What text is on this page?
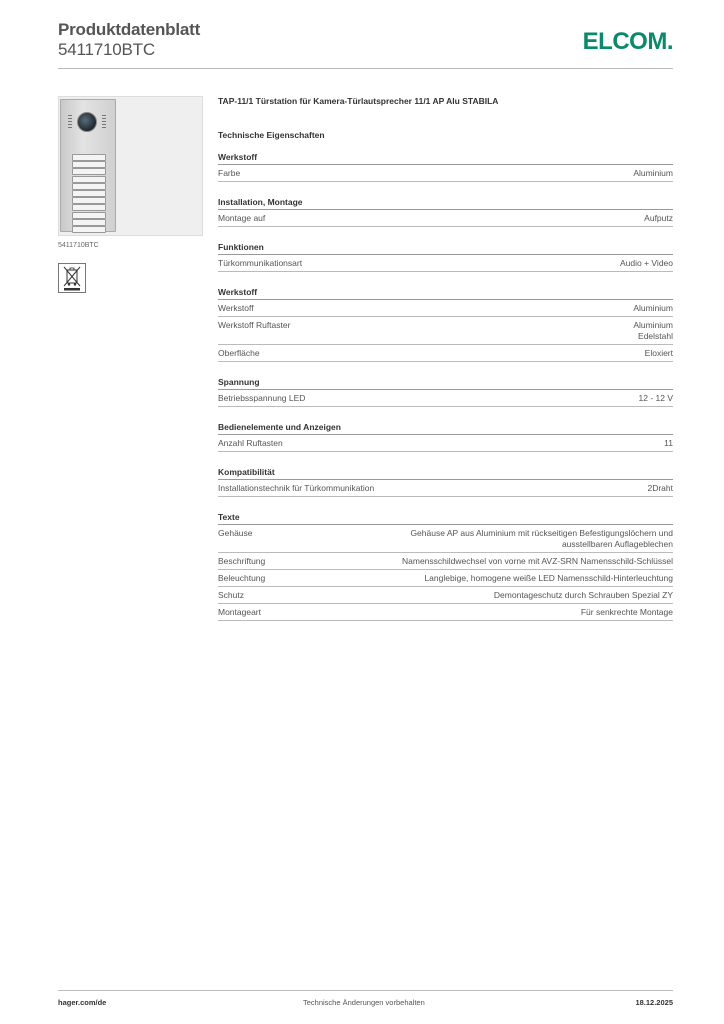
Produktdatenblatt
5411710BTC	ELCOM.
5411710BTC
TAP-11/1 Türstation für Kamera-Türlautsprecher 11/1 AP Alu STABILA
Technische Eigenschaften
Werkstoff
Farbe	Aluminium
Installation, Montage
Montage auf	Aufputz
Funktionen
Türkommunikationsart	Audio + Video
Werkstoff
Werkstoff	Aluminium
Werkstoff Ruftaster	Aluminium
Edelstahl
Oberfläche	Eloxiert
Spannung
Betriebsspannung LED	12 - 12 V
Bedienelemente und Anzeigen
Anzahl Ruftasten	11
Kompatibilität
Installationstechnik für Türkommunikation	2Draht
Texte
Gehäuse	Gehäuse AP aus Aluminium mit rückseitigen Befestigungslöchern und ausstellbaren Auflageblechen
Beschriftung	Namensschildwechsel von vorne mit AVZ-SRN Namensschild-Schlüssel
Beleuchtung	Langlebige, homogene weiße LED Namensschild-Hinterleuchtung
Schutz	Demontageschutz durch Schrauben Spezial ZY
Montageart	Für senkrechte Montage
hager.com/de	Technische Änderungen vorbehalten	18.12.2025
